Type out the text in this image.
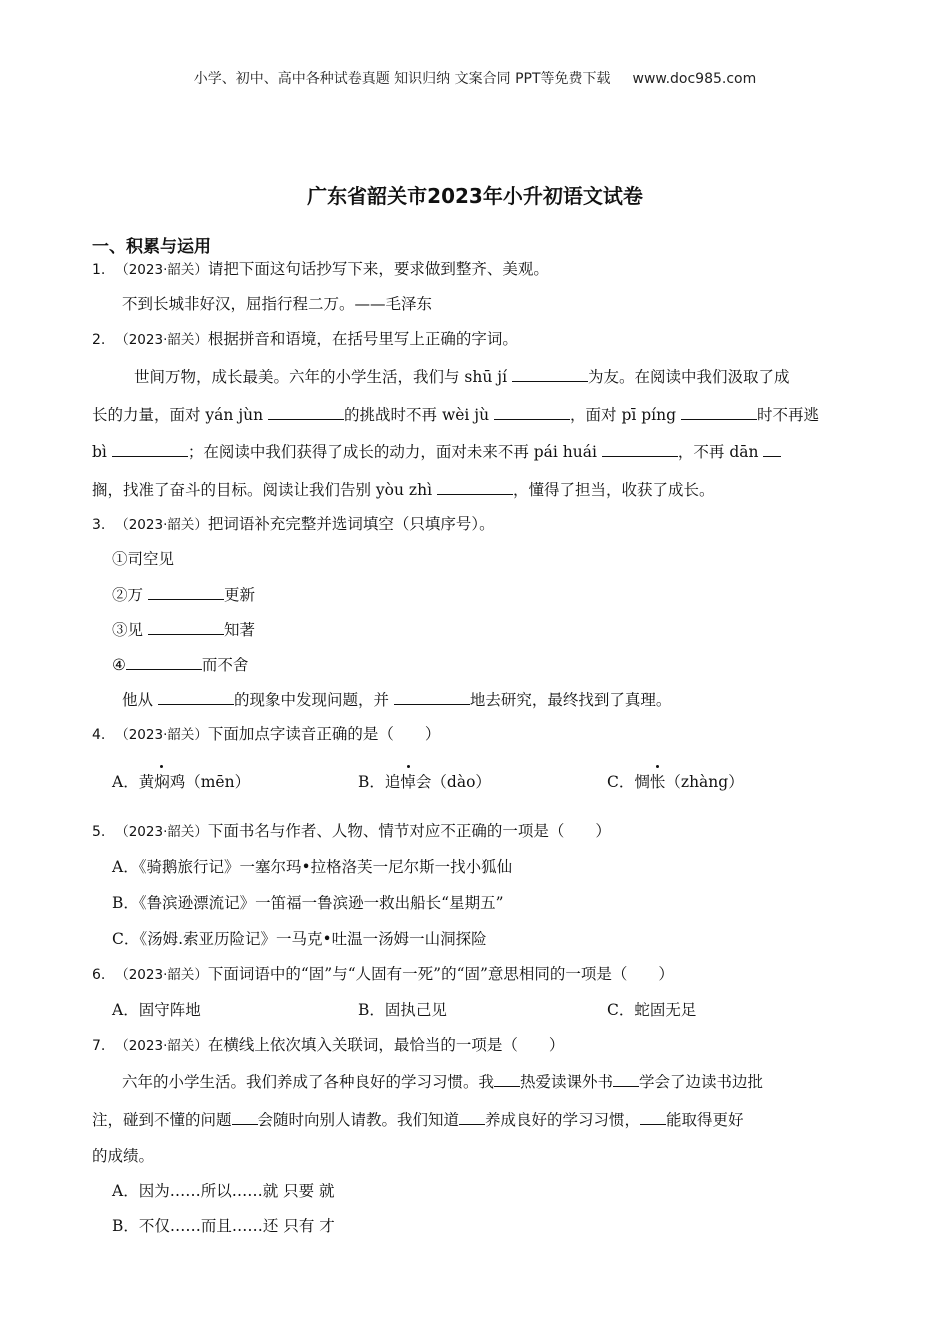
小学、初中、高中各种试卷真题 知识归纳 文案合同 PPT等免费下载 www.doc985.com
广东省韶关市2023年小升初语文试卷
一、积累与运用
1. （2023·韶关）请把下面这句话抄写下来，要求做到整齐、美观。
不到长城非好汉，屈指行程二万。——毛泽东
2. （2023·韶关）根据拼音和语境，在括号里写上正确的字词。
世间万物，成长最美。六年的小学生活，我们与 shū jí	为友。在阅读中我们汲取了成
长的力量，面对 yán jùn	的挑战时不再 wèi jù	，面对 pī píng	时不再逃
bì	；在阅读中我们获得了成长的动力，面对未来不再 pái huái	，不再 dān
搁，找准了奋斗的目标。阅读让我们告别 yòu zhì	，懂得了担当，收获了成长。
3. （2023·韶关）把词语补充完整并选词填空（只填序号）。
①司空见
②万	更新
③见	知著
④	而不舍
他从	的现象中发现问题，并	地去研究，最终找到了真理。
4. （2023·韶关）下面加点字读音正确的是（　　）
A．黄焖鸡（mēn）	B．追悼会（dào）	C．惆怅（zhàng）
5. （2023·韶关）下面书名与作者、人物、情节对应不正确的一项是（　　）
A．《骑鹅旅行记》一塞尔玛•拉格洛芙一尼尔斯一找小狐仙
B．《鲁滨逊漂流记》一笛福一鲁滨逊一救出船长“星期五”
C．《汤姆.索亚历险记》一马克•吐温一汤姆一山洞探险
6. （2023·韶关）下面词语中的“固”与“人固有一死”的“固”意思相同的一项是（　　）
A．固守阵地	B．固执己见	C．蛇固无足
7. （2023·韶关）在横线上依次填入关联词，最恰当的一项是（　　）
六年的小学生活。我们养成了各种良好的学习习惯。我 热爱读课外书 学会了边读书边批
注，碰到不懂的问题 会随时向别人请教。我们知道 养成良好的学习习惯， 能取得更好
的成绩。
A．因为……所以……就 只要 就
B．不仅……而且……还 只有 才
